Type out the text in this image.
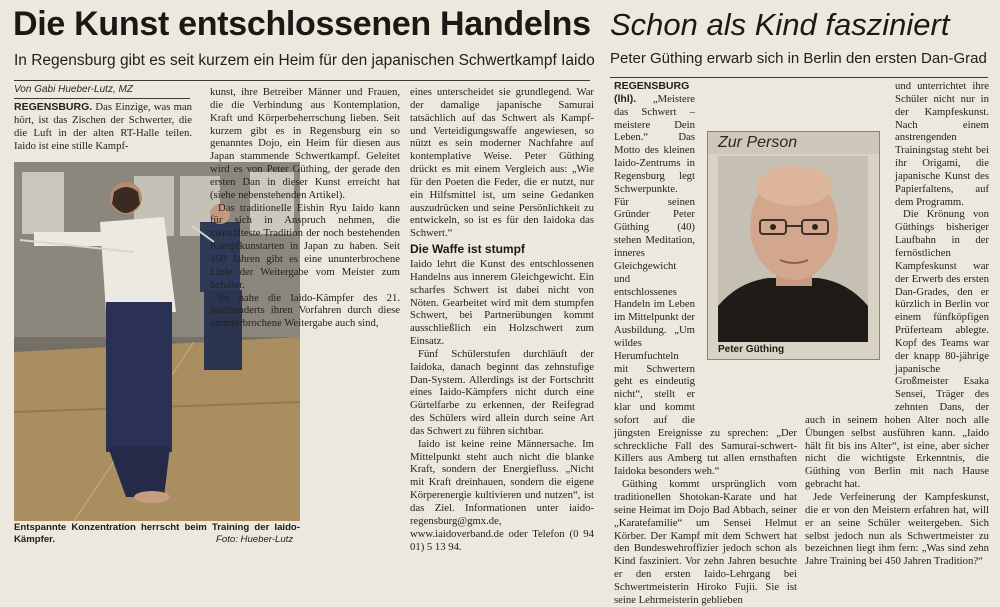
Die Kunst entschlossenen Handelns
In Regensburg gibt es seit kurzem ein Heim für den japanischen Schwertkampf Iaido
Von Gabi Hueber-Lutz, MZ
Schon als Kind fasziniert
Peter Güthing erwarb sich in Berlin den ersten Dan-Grad

REGENSBURG. Das Einzige, was man hört, ist das Zischen der Schwerter, die die Luft in der alten RT-Halle teilen. Iaido ist eine stille Kampf-

Entspannte Konzentration herrscht beim Training der Iaido-Kämpfer.	Foto: Hueber-Lutz

kunst, ihre Betreiber Männer und Frauen, die die Verbindung aus Kontemplation, Kraft und Körperbeherrschung lieben. Seit kurzem gibt es in Regensburg ein so genanntes Dojo, ein Heim für diesen aus Japan stammende Schwertkampf. Geleitet wird es von Peter Güthing, der gerade den ersten Dan in dieser Kunst erreicht hat (siehe nebenstehenden Artikel).

Das traditionelle Eishin Ryu Iaido kann für sich in Anspruch nehmen, die zweitälteste Tradition der noch bestehenden Kampfkunstarten in Japan zu haben. Seit 450 Jahren gibt es eine ununterbrochene Linie der Weitergabe vom Meister zum Schüler.

So nahe die Iaido-Kämpfer des 21. Jahrhunderts ihren Vorfahren durch diese ununterbrochene Weitergabe auch sind,

eines unterscheidet sie grundlegend. War der damalige japanische Samurai tatsächlich auf das Schwert als Kampf- und Verteidigungswaffe angewiesen, so nützt es sein moderner Nachfahre auf kontemplative Weise. Peter Güthing drückt es mit einem Vergleich aus: „Wie für den Poeten die Feder, die er nutzt, nur ein Hilfsmittel ist, um seine Gedanken auszudrücken und seine Persönlichkeit zu entwickeln, so ist es für den Iaidoka das Schwert.“

Die Waffe ist stumpf

Iaido lehrt die Kunst des entschlossenen Handelns aus innerem Gleichgewicht. Ein scharfes Schwert ist dabei nicht von Nöten. Gearbeitet wird mit dem stumpfen Schwert, bei Partnerübungen kommt ausschließlich ein Holzschwert zum Einsatz.

Fünf Schülerstufen durchläuft der Iaidoka, danach beginnt das zehnstufige Dan-System. Allerdings ist der Fortschritt eines Iaido-Kämpfers nicht durch eine Gürtelfarbe zu erkennen, der Reifegrad des Schülers wird allein durch seine Art das Schwert zu führen sichtbar.

Iaido ist keine reine Männersache. Im Mittelpunkt steht auch nicht die blanke Kraft, sondern der Energiefluss. „Nicht mit Kraft dreinhauen, sondern die eigene Körperenergie kultivieren und nutzen“, ist das Ziel. Informationen unter iaido-regensburg@gmx.de, www.iaidoverband.de oder Telefon (0 94 01) 5 13 94.

REGENSBURG (lhl). „Meistere das Schwert – meistere Dein Leben.“ Das Motto des kleinen Iaido-Zentrums in Regensburg legt Schwerpunkte. Für seinen Gründer Peter Güthing (40) stehen Meditation, inneres Gleichgewicht und entschlossenes Handeln im Leben im Mittelpunkt der Ausbildung. „Um wildes Herumfuchteln mit Schwertern geht es eindeutig nicht“, stellt er klar und kommt sofort auf die jüngsten Ereignisse zu sprechen: „Der schreckliche Fall des Samurai-schwert-Killers aus Amberg tut allen ernsthaften Iaidoka besonders weh.“

Güthing kommt ursprünglich vom traditionellen Shotokan-Karate und hat seine Heimat im Dojo Bad Abbach, seiner „Karatefamilie“ um Sensei Helmut Körber. Der Kampf mit dem Schwert hat den Bundeswehroffizier jedoch schon als Kind fasziniert. Vor zehn Jahren besuchte er den ersten Iaido-Lehrgang bei Schwertmeisterin Hiroko Fujii. Sie ist seine Lehrmeisterin geblieben

und unterrichtet ihre Schüler nicht nur in der Kampfeskunst. Nach einem anstrengenden Trainingstag steht bei ihr Origami, die japanische Kunst des Papierfaltens, auf dem Programm.

Die Krönung von Güthings bisheriger Laufbahn in der fernöstlichen Kampfeskunst war der Erwerb des ersten Dan-Grades, den er kürzlich in Berlin vor einem fünfköpfigen Prüferteam ablegte. Kopf des Teams war der knapp 80-jährige japanische Großmeister Esaka Sensei, Träger des zehnten Dans, der auch in seinem hohen Alter noch alle Übungen selbst ausführen kann. „Iaido hält fit bis ins Alter“, ist eine, aber sicher nicht die wichtigste Erkenntnis, die Güthing von Berlin mit nach Hause gebracht hat.

Jede Verfeinerung der Kampfeskunst, die er von den Meistern erfahren hat, will er an seine Schüler weitergeben. Sich selbst jedoch nun als Schwertmeister zu bezeichnen liegt ihm fern: „Was sind zehn Jahre Training bei 450 Jahren Tradition?“

Zur Person
Peter Güthing
